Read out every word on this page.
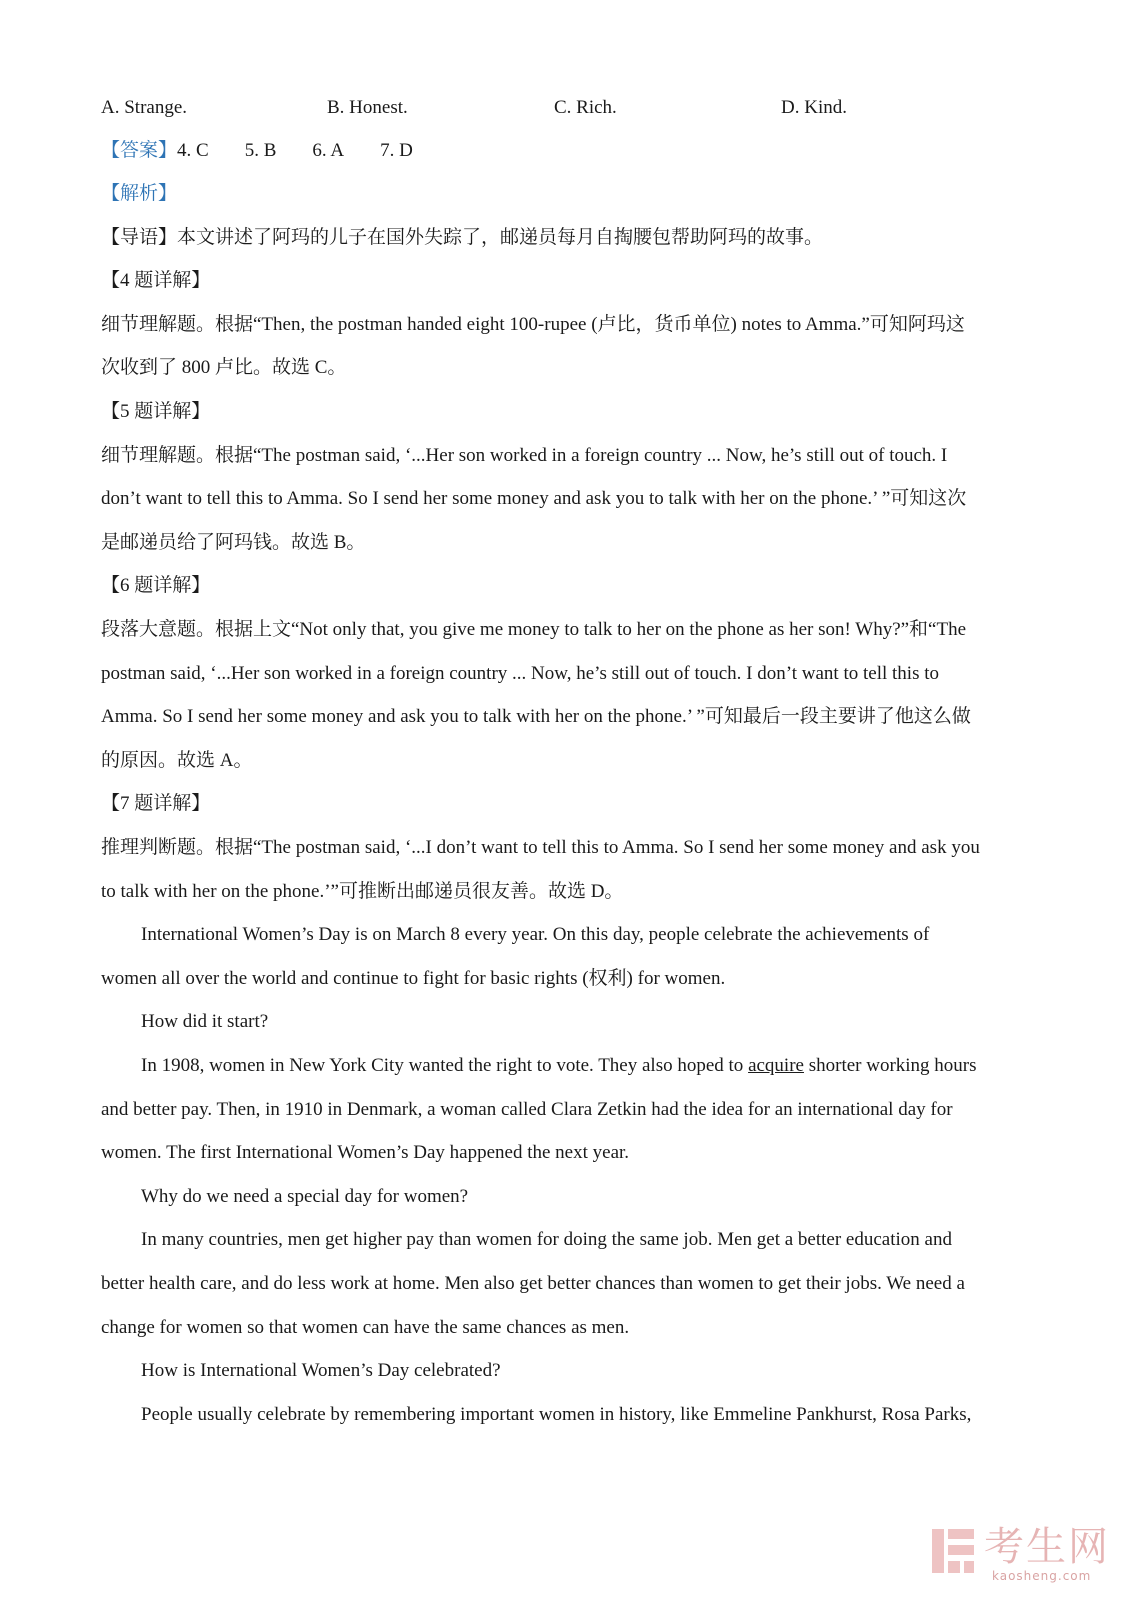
A. Strange.	B. Honest.	C. Rich.	D. Kind.
【答案】4. C 5. B 6. A 7. D
【解析】
【导语】本文讲述了阿玛的儿子在国外失踪了，邮递员每月自掏腰包帮助阿玛的故事。
【4 题详解】
细节理解题。根据“Then, the postman handed eight 100-rupee (卢比，货币单位) notes to Amma.”可知阿玛这
次收到了 800 卢比。故选 C。
【5 题详解】
细节理解题。根据“The postman said, ‘...Her son worked in a foreign country ... Now, he’s still out of touch. I
don’t want to tell this to Amma. So I send her some money and ask you to talk with her on the phone.’ ”可知这次
是邮递员给了阿玛钱。故选 B。
【6 题详解】
段落大意题。根据上文“Not only that, you give me money to talk to her on the phone as her son! Why?”和“The
postman said, ‘...Her son worked in a foreign country ... Now, he’s still out of touch. I don’t want to tell this to
Amma. So I send her some money and ask you to talk with her on the phone.’ ”可知最后一段主要讲了他这么做
的原因。故选 A。
【7 题详解】
推理判断题。根据“The postman said, ‘...I don’t want to tell this to Amma. So I send her some money and ask you
to talk with her on the phone.’”可推断出邮递员很友善。故选 D。
International Women’s Day is on March 8 every year. On this day, people celebrate the achievements of
women all over the world and continue to fight for basic rights (权利) for women.
How did it start?
In 1908, women in New York City wanted the right to vote. They also hoped to acquire shorter working hours
and better pay. Then, in 1910 in Denmark, a woman called Clara Zetkin had the idea for an international day for
women. The first International Women’s Day happened the next year.
Why do we need a special day for women?
In many countries, men get higher pay than women for doing the same job. Men get a better education and
better health care, and do less work at home. Men also get better chances than women to get their jobs. We need a
change for women so that women can have the same chances as men.
How is International Women’s Day celebrated?
People usually celebrate by remembering important women in history, like Emmeline Pankhurst, Rosa Parks,
考生网
kaosheng.com
